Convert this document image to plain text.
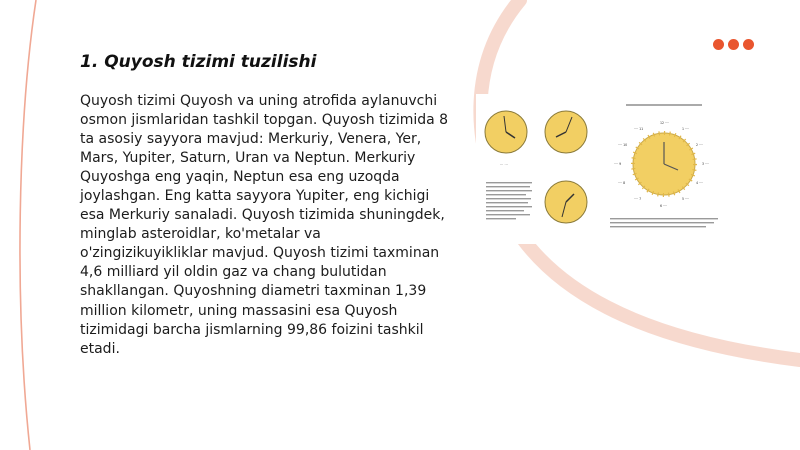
1. Quyosh tizimi tuzilishi

Quyosh tizimi Quyosh va uning atrofida aylanuvchi osmon jismlaridan tashkil topgan. Quyosh tizimida 8 ta asosiy sayyora mavjud: Merkuriy, Venera, Yer, Mars, Yupiter, Saturn, Uran va Neptun. Merkuriy Quyoshga eng yaqin, Neptun esa eng uzoqda joylashgan. Eng katta sayyora Yupiter, eng kichigi esa Merkuriy sanaladi. Quyosh tizimida shuningdek, minglab asteroidlar, ko'metalar va o'zingizikuyikliklar mavjud. Quyosh tizimi taxminan 4,6 milliard yil oldin gaz va chang bulutidan shakllangan. Quyoshning diametri taxminan 1,39 million kilometr, uning massasini esa Quyosh tizimidagi barcha jismlarning 99,86 foizini tashkil etadi.

··· ···
12 ····
1 ····
2 ····
3 ····
4 ····
5 ····
6 ····
···· 7
···· 8
···· 9
···· 10
···· 11
